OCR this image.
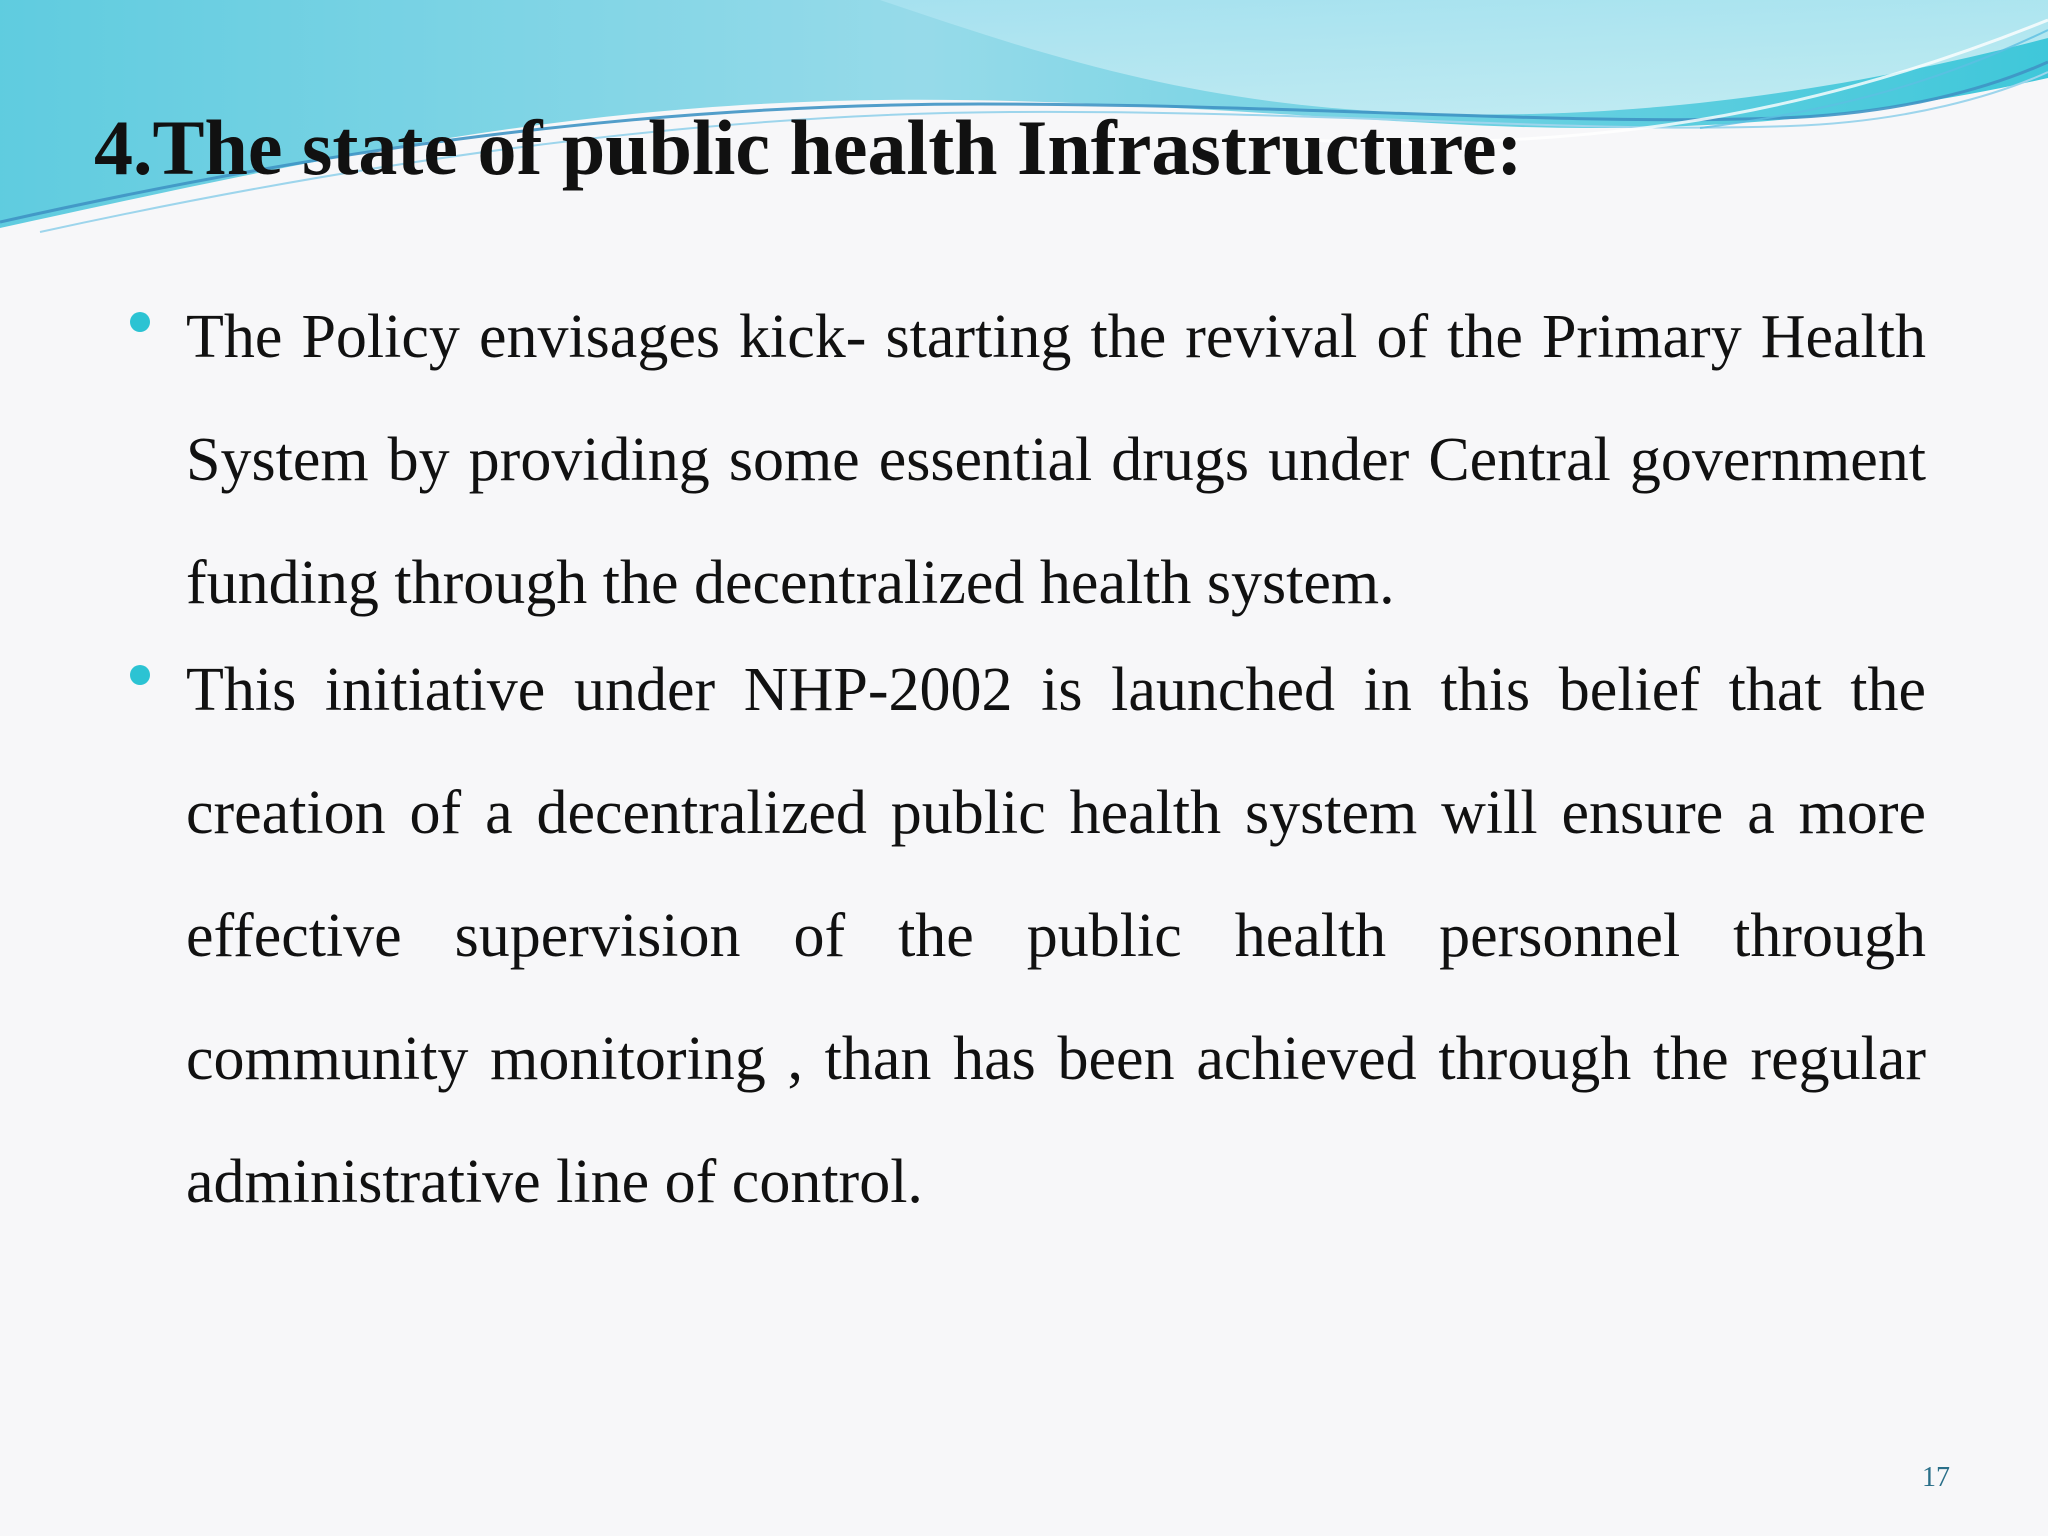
4.The state of public health Infrastructure:
The Policy envisages kick- starting the revival of the Primary Health System by providing some essential drugs under Central government funding through the decentralized health system.
This initiative under NHP-2002 is launched in this belief that the creation of a decentralized public health system will ensure a more effective supervision of the public health personnel through community monitoring , than has been achieved through the regular administrative line of control.
17
